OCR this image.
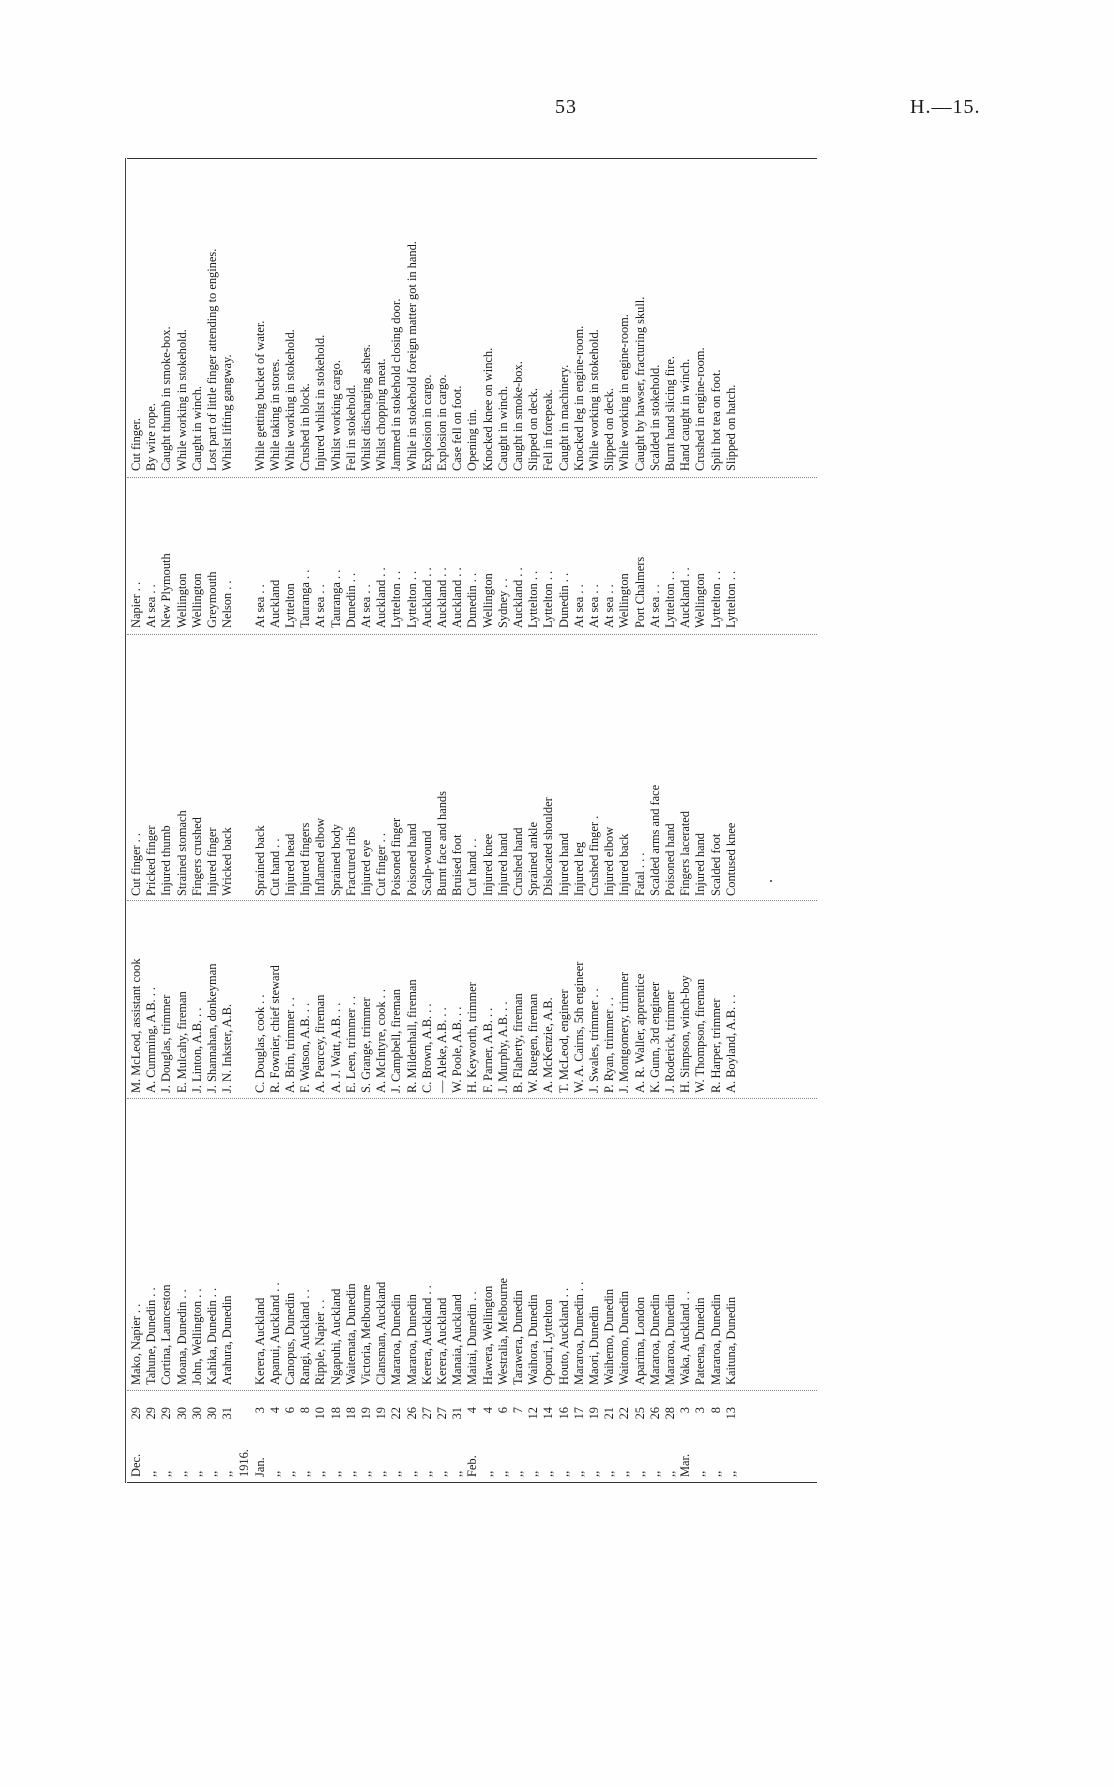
53	H.—15.
Dec.
29
Mako, Napier . .
M. McLeod, assistant cook
Cut finger . .
Napier . .
Cut finger.
,,
29
Tahune, Dunedin . .
A. Cumming, A.B. . .
Pricked finger
At sea . .
By wire rope.
,,
29
Cortina, Launceston
J. Douglas, trimmer
Injured thumb
New Plymouth
Caught thumb in smoke-box.
,,
30
Moana, Dunedin . .
E. Mulcahy, fireman
Strained stomach
Wellington
While working in stokehold.
,,
30
John, Wellington . .
J. Linton, A.B. . .
Fingers crushed
Wellington
Caught in winch.
,,
30
Kahika, Dunedin . .
J. Shannahan, donkeyman
Injured finger
Greymouth
Lost part of little finger attending to engines.
,,
31
Arahura, Dunedin
J. N. Inkster, A.B.
Wricked back
Nelson . .
Whilst lifting gangway.
1916. Jan.
3
Kerera, Auckland
C. Douglas, cook . .
Sprained back
At sea . .
While getting bucket of water.
,,
4
Apanui, Auckland . .
R. Fownier, chief steward
Cut hand . .
Auckland
While taking in stores.
,,
6
Canopus, Dunedin
A. Brin, trimmer . .
Injured head
Lyttelton
While working in stokehold.
,,
8
Rangi, Auckland . .
F. Watson, A.B. . .
Injured fingers
Tauranga . .
Crushed in block.
,,
10
Ripple, Napier . .
A. Pearcey, fireman
Inflamed elbow
At sea . .
Injured whilst in stokehold.
,,
18
Ngapuhi, Auckland
A. J. Watt, A.B. . .
Sprained body
Tauranga . .
Whilst working cargo.
,,
18
Waitemata, Dunedin
E. Leen, trimmer . .
Fractured ribs
Dunedin . .
Fell in stokehold.
,,
19
Victoria, Melbourne
S. Grange, trimmer
Injured eye
At sea . .
Whilst discharging ashes.
,,
19
Clansman, Auckland
A. McIntyre, cook . .
Cut finger . .
Auckland . .
Whilst chopping meat.
,,
22
Mararoa, Dunedin
J. Campbell, fireman
Poisoned finger
Lyttelton . .
Jammed in stokehold closing door.
,,
26
Mararoa, Dunedin
R. Mildenhall, fireman
Poisoned hand
Lyttelton . .
While in stokehold foreign matter got in hand.
,,
27
Kerera, Auckland . .
C. Brown, A.B. . .
Scalp-wound
Auckland . .
Explosion in cargo.
,,
27
Kerera, Auckland
— Aleke, A.B. . .
Burnt face and hands
Auckland . .
Explosion in cargo.
,,
31
Manaia, Auckland
W. Poole, A.B. . .
Bruised foot
Auckland . .
Case fell on foot.
Feb.
4
Maitai, Dunedin . .
H. Keyworth, trimmer
Cut hand . .
Dunedin . .
Opening tin.
,,
4
Hawera, Wellington
F. Parner, A.B. . .
Injured knee
Wellington
Knocked knee on winch.
,,
6
Westralia, Melbourne
J. Murphy, A.B. . .
Injured hand
Sydney . .
Caught in winch.
,,
7
Tarawera, Dunedin
B. Flaherty, fireman
Crushed hand
Auckland . .
Caught in smoke-box.
,,
12
Waihora, Dunedin
W. Ruegen, fireman
Sprained ankle
Lyttelton . .
Slipped on deck.
,,
14
Opouri, Lyttelton
A. McKenzie, A.B.
Dislocated shoulder
Lyttelton . .
Fell in forepeak.
,,
16
Houto, Auckland . .
T. McLeod, engineer
Injured hand
Dunedin . .
Caught in machinery.
,,
17
Mararoa, Dunedin . .
W. A. Cairns, 5th engineer
Injured leg
At sea . .
Knocked leg in engine-room.
,,
19
Maori, Dunedin
J. Swales, trimmer . .
Crushed finger .
At sea . .
While working in stokehold.
,,
21
Waihemo, Dunedin
P. Ryan, trimmer . .
Injured elbow
At sea . .
Slipped on deck.
,,
22
Waitomo, Dunedin
J. Montgomery, trimmer
Injured back
Wellington
While working in engine-room.
,,
25
Aparima, London
A. R. Waller, apprentice
Fatal . . .
Port Chalmers
Caught by hawser, fracturing skull.
,,
26
Mararoa, Dunedin
K. Gunn, 3rd engineer
Scalded arms and face
At sea . .
Scalded in stokehold.
,,
28
Mararoa, Dunedin
J. Roderick, trimmer
Poisoned hand
Lyttelton . .
Burnt hand slicing fire.
Mar.
3
Waka, Auckland . .
H. Simpson, winch-boy
Fingers lacerated
Auckland . .
Hand caught in winch.
,,
3
Pateena, Dunedin
W. Thompson, fireman
Injured hand
Wellington
Crushed in engine-room.
,,
8
Mararoa, Dunedin
R. Harper, trimmer
Scalded foot
Lyttelton . .
Spilt hot tea on foot.
,,
13
Kaituna, Dunedin
A. Boyland, A.B. . .
Contused knee
Lyttelton . .
Slipped on hatch.
